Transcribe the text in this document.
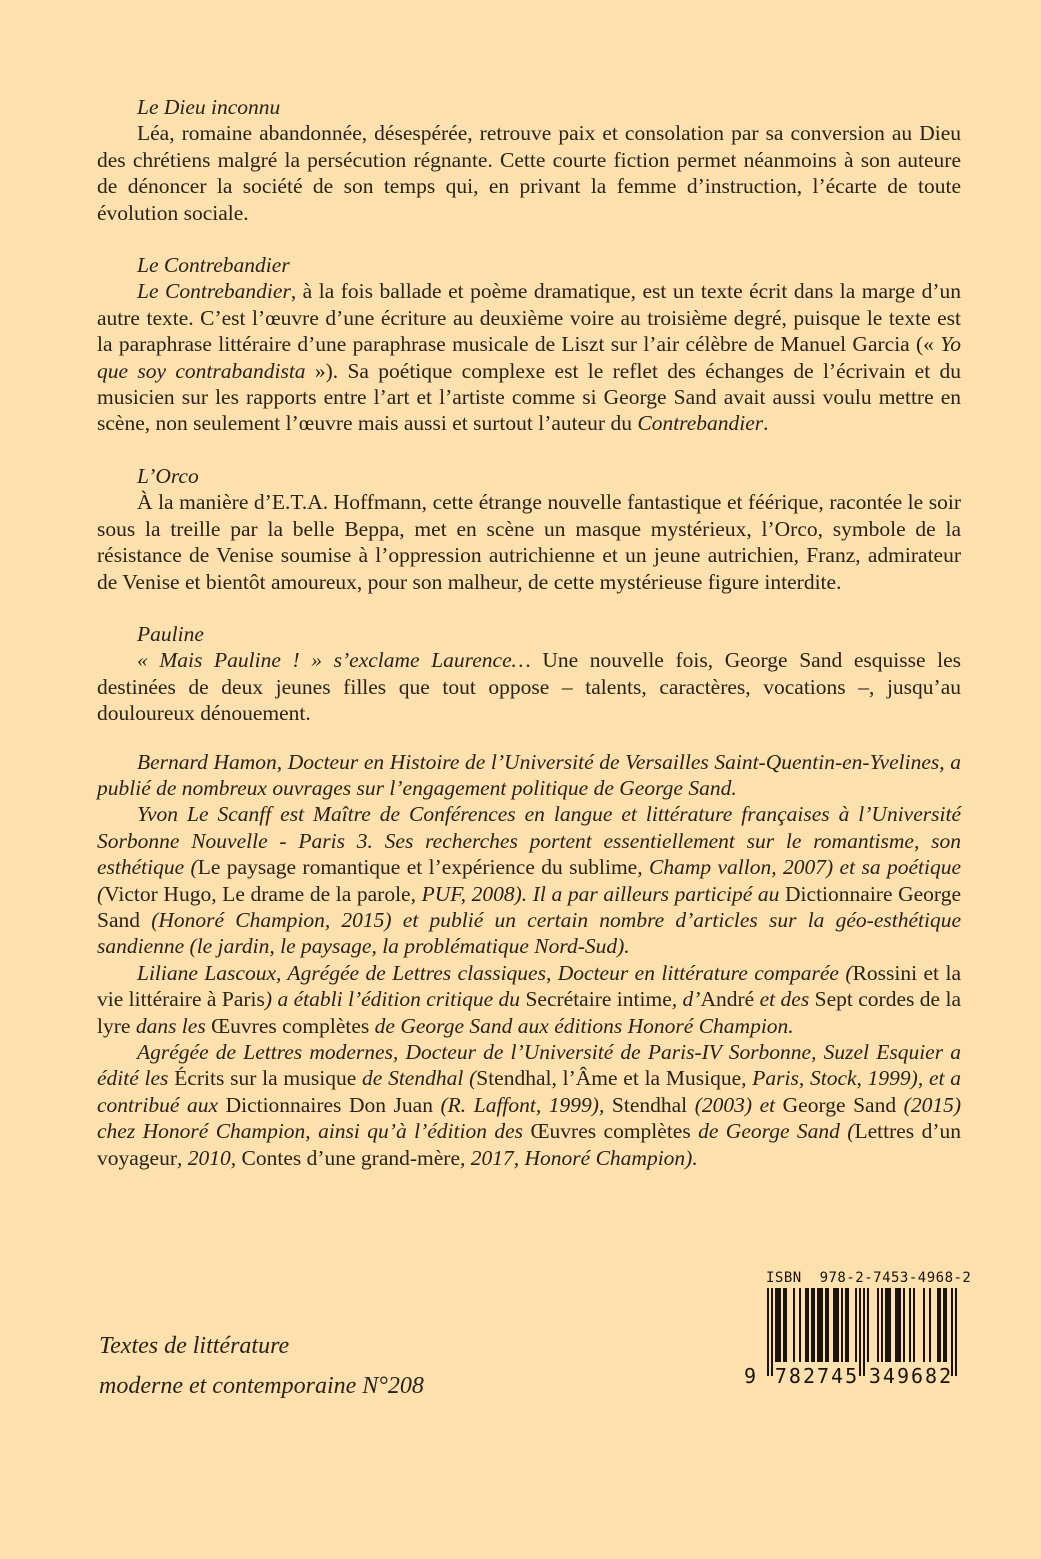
Le Dieu inconnu

Léa, romaine abandonnée, désespérée, retrouve paix et consolation par sa conversion au Dieu des chrétiens malgré la persécution régnante. Cette courte fiction permet néanmoins à son auteure de dénoncer la société de son temps qui, en privant la femme d’instruction, l’écarte de toute évolution sociale.

Le Contrebandier

Le Contrebandier, à la fois ballade et poème dramatique, est un texte écrit dans la marge d’un autre texte. C’est l’œuvre d’une écriture au deuxième voire au troisième degré, puisque le texte est la paraphrase littéraire d’une paraphrase musicale de Liszt sur l’air célèbre de Manuel Garcia (« Yo que soy contrabandista »). Sa poétique complexe est le reflet des échanges de l’écrivain et du musicien sur les rapports entre l’art et l’artiste comme si George Sand avait aussi voulu mettre en scène, non seulement l’œuvre mais aussi et surtout l’auteur du Contrebandier.

L’Orco

À la manière d’E.T.A. Hoffmann, cette étrange nouvelle fantastique et féérique, racontée le soir sous la treille par la belle Beppa, met en scène un masque mystérieux, l’Orco, symbole de la résistance de Venise soumise à l’oppression autrichienne et un jeune autrichien, Franz, admirateur de Venise et bientôt amoureux, pour son malheur, de cette mystérieuse figure interdite.

Pauline

« Mais Pauline ! » s’exclame Laurence… Une nouvelle fois, George Sand esquisse les destinées de deux jeunes filles que tout oppose – talents, caractères, vocations –, jusqu’au douloureux dénouement.

Bernard Hamon, Docteur en Histoire de l’Université de Versailles Saint-Quentin-en-Yvelines, a publié de nombreux ouvrages sur l’engagement politique de George Sand.

Yvon Le Scanff est Maître de Conférences en langue et littérature françaises à l’Université Sorbonne Nouvelle - Paris 3. Ses recherches portent essentiellement sur le romantisme, son esthétique (Le paysage romantique et l’expérience du sublime, Champ vallon, 2007) et sa poétique (Victor Hugo, Le drame de la parole, PUF, 2008). Il a par ailleurs participé au Dictionnaire George Sand (Honoré Champion, 2015) et publié un certain nombre d’articles sur la géo-esthétique sandienne (le jardin, le paysage, la problématique Nord-Sud).

Liliane Lascoux, Agrégée de Lettres classiques, Docteur en littérature comparée (Rossini et la vie littéraire à Paris) a établi l’édition critique du Secrétaire intime, d’André et des Sept cordes de la lyre dans les Œuvres complètes de George Sand aux éditions Honoré Champion.

Agrégée de Lettres modernes, Docteur de l’Université de Paris-IV Sorbonne, Suzel Esquier a édité les Écrits sur la musique de Stendhal (Stendhal, l’Âme et la Musique, Paris, Stock, 1999), et a contribué aux Dictionnaires Don Juan (R. Laffont, 1999), Stendhal (2003) et George Sand (2015) chez Honoré Champion, ainsi qu’à l’édition des Œuvres complètes de George Sand (Lettres d’un voyageur, 2010, Contes d’une grand-mère, 2017, Honoré Champion).

Textes de littérature
moderne et contemporaine N°208
ISBN  978-2-7453-4968-2
9 782745 349682
